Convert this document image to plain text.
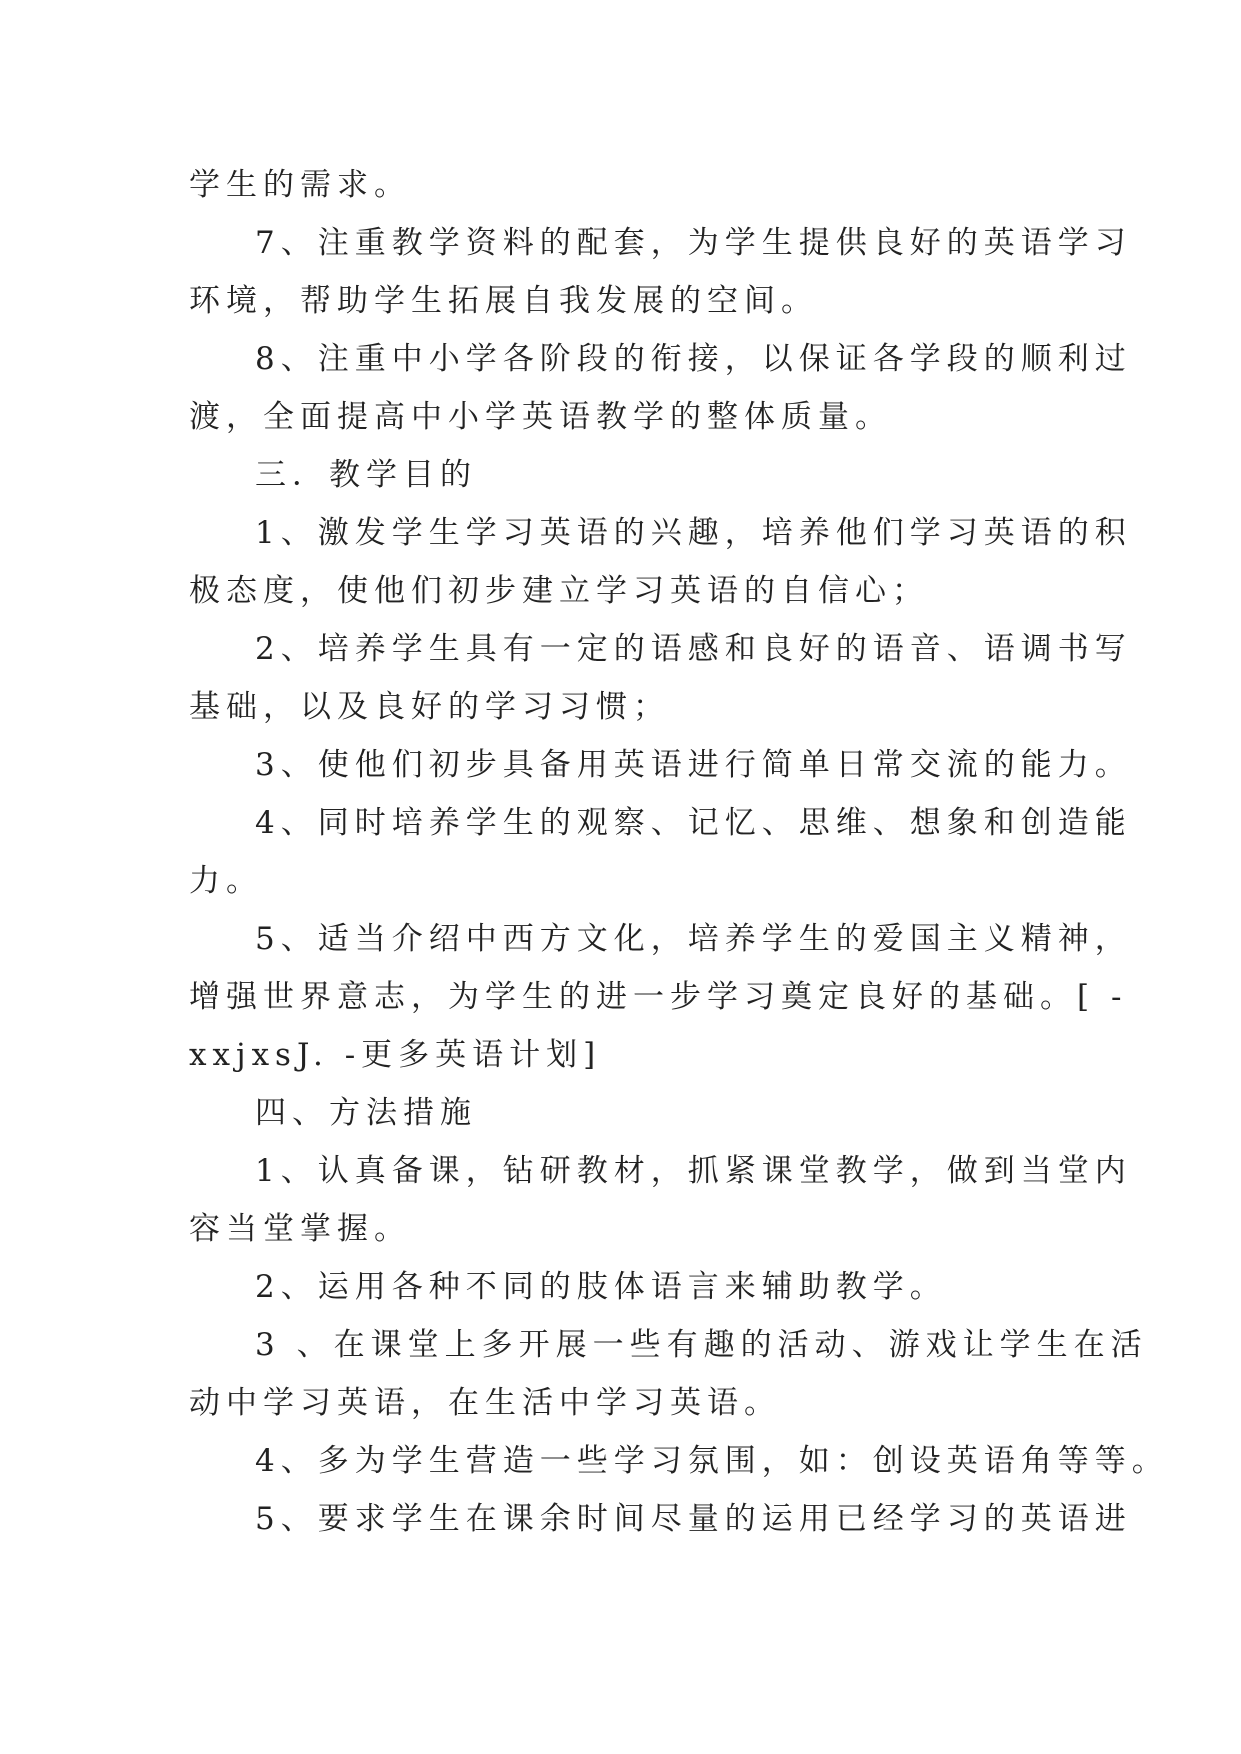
学生的需求。
7、注重教学资料的配套，为学生提供良好的英语学习
环境，帮助学生拓展自我发展的空间。
8、注重中小学各阶段的衔接，以保证各学段的顺利过
渡，全面提高中小学英语教学的整体质量。
三．教学目的
1、激发学生学习英语的兴趣，培养他们学习英语的积
极态度，使他们初步建立学习英语的自信心；
2、培养学生具有一定的语感和良好的语音、语调书写
基础，以及良好的学习习惯；
3、使他们初步具备用英语进行简单日常交流的能力。
4、同时培养学生的观察、记忆、思维、想象和创造能
力。
5、适当介绍中西方文化，培养学生的爱国主义精神，
增强世界意志，为学生的进一步学习奠定良好的基础。[ -
xxjxsJ. -更多英语计划]
四、方法措施
1、认真备课，钻研教材，抓紧课堂教学，做到当堂内
容当堂掌握。
2、运用各种不同的肢体语言来辅助教学。
3 、在课堂上多开展一些有趣的活动、游戏让学生在活
动中学习英语，在生活中学习英语。
4、多为学生营造一些学习氛围，如：创设英语角等等。
5、要求学生在课余时间尽量的运用已经学习的英语进
